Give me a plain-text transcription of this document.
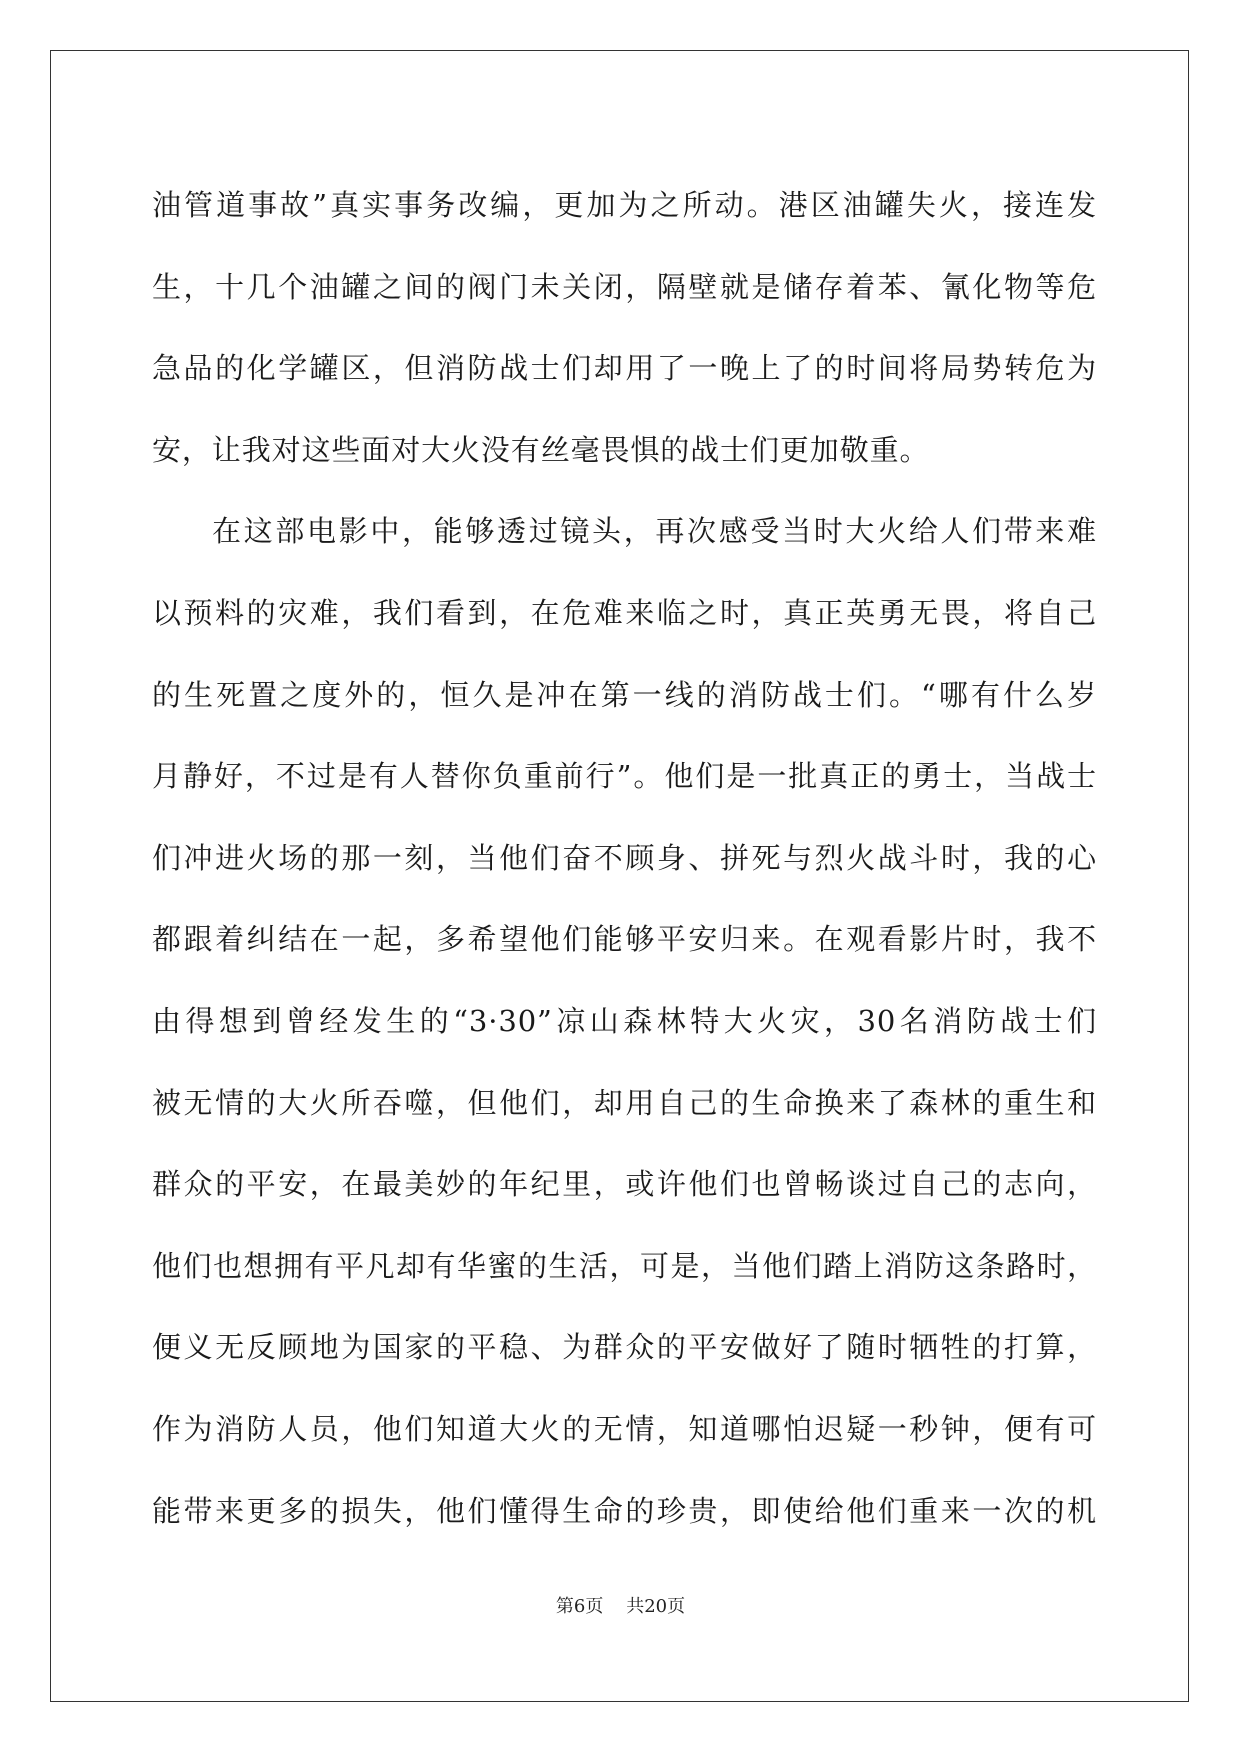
油管道事故”真实事务改编，更加为之所动。港区油罐失火，接连发
生，十几个油罐之间的阀门未关闭，隔壁就是储存着苯、氰化物等危
急品的化学罐区，但消防战士们却用了一晚上了的时间将局势转危为
安，让我对这些面对大火没有丝毫畏惧的战士们更加敬重。
在这部电影中，能够透过镜头，再次感受当时大火给人们带来难
以预料的灾难，我们看到，在危难来临之时，真正英勇无畏，将自己
的生死置之度外的，恒久是冲在第一线的消防战士们。“哪有什么岁
月静好，不过是有人替你负重前行”。他们是一批真正的勇士，当战士
们冲进火场的那一刻，当他们奋不顾身、拼死与烈火战斗时，我的心
都跟着纠结在一起，多希望他们能够平安归来。在观看影片时，我不
由得想到曾经发生的“3·30”凉山森林特大火灾，30名消防战士们
被无情的大火所吞噬，但他们，却用自己的生命换来了森林的重生和
群众的平安，在最美妙的年纪里，或许他们也曾畅谈过自己的志向，
他们也想拥有平凡却有华蜜的生活，可是，当他们踏上消防这条路时，
便义无反顾地为国家的平稳、为群众的平安做好了随时牺牲的打算，
作为消防人员，他们知道大火的无情，知道哪怕迟疑一秒钟，便有可
能带来更多的损失，他们懂得生命的珍贵，即使给他们重来一次的机
第6页 共20页
